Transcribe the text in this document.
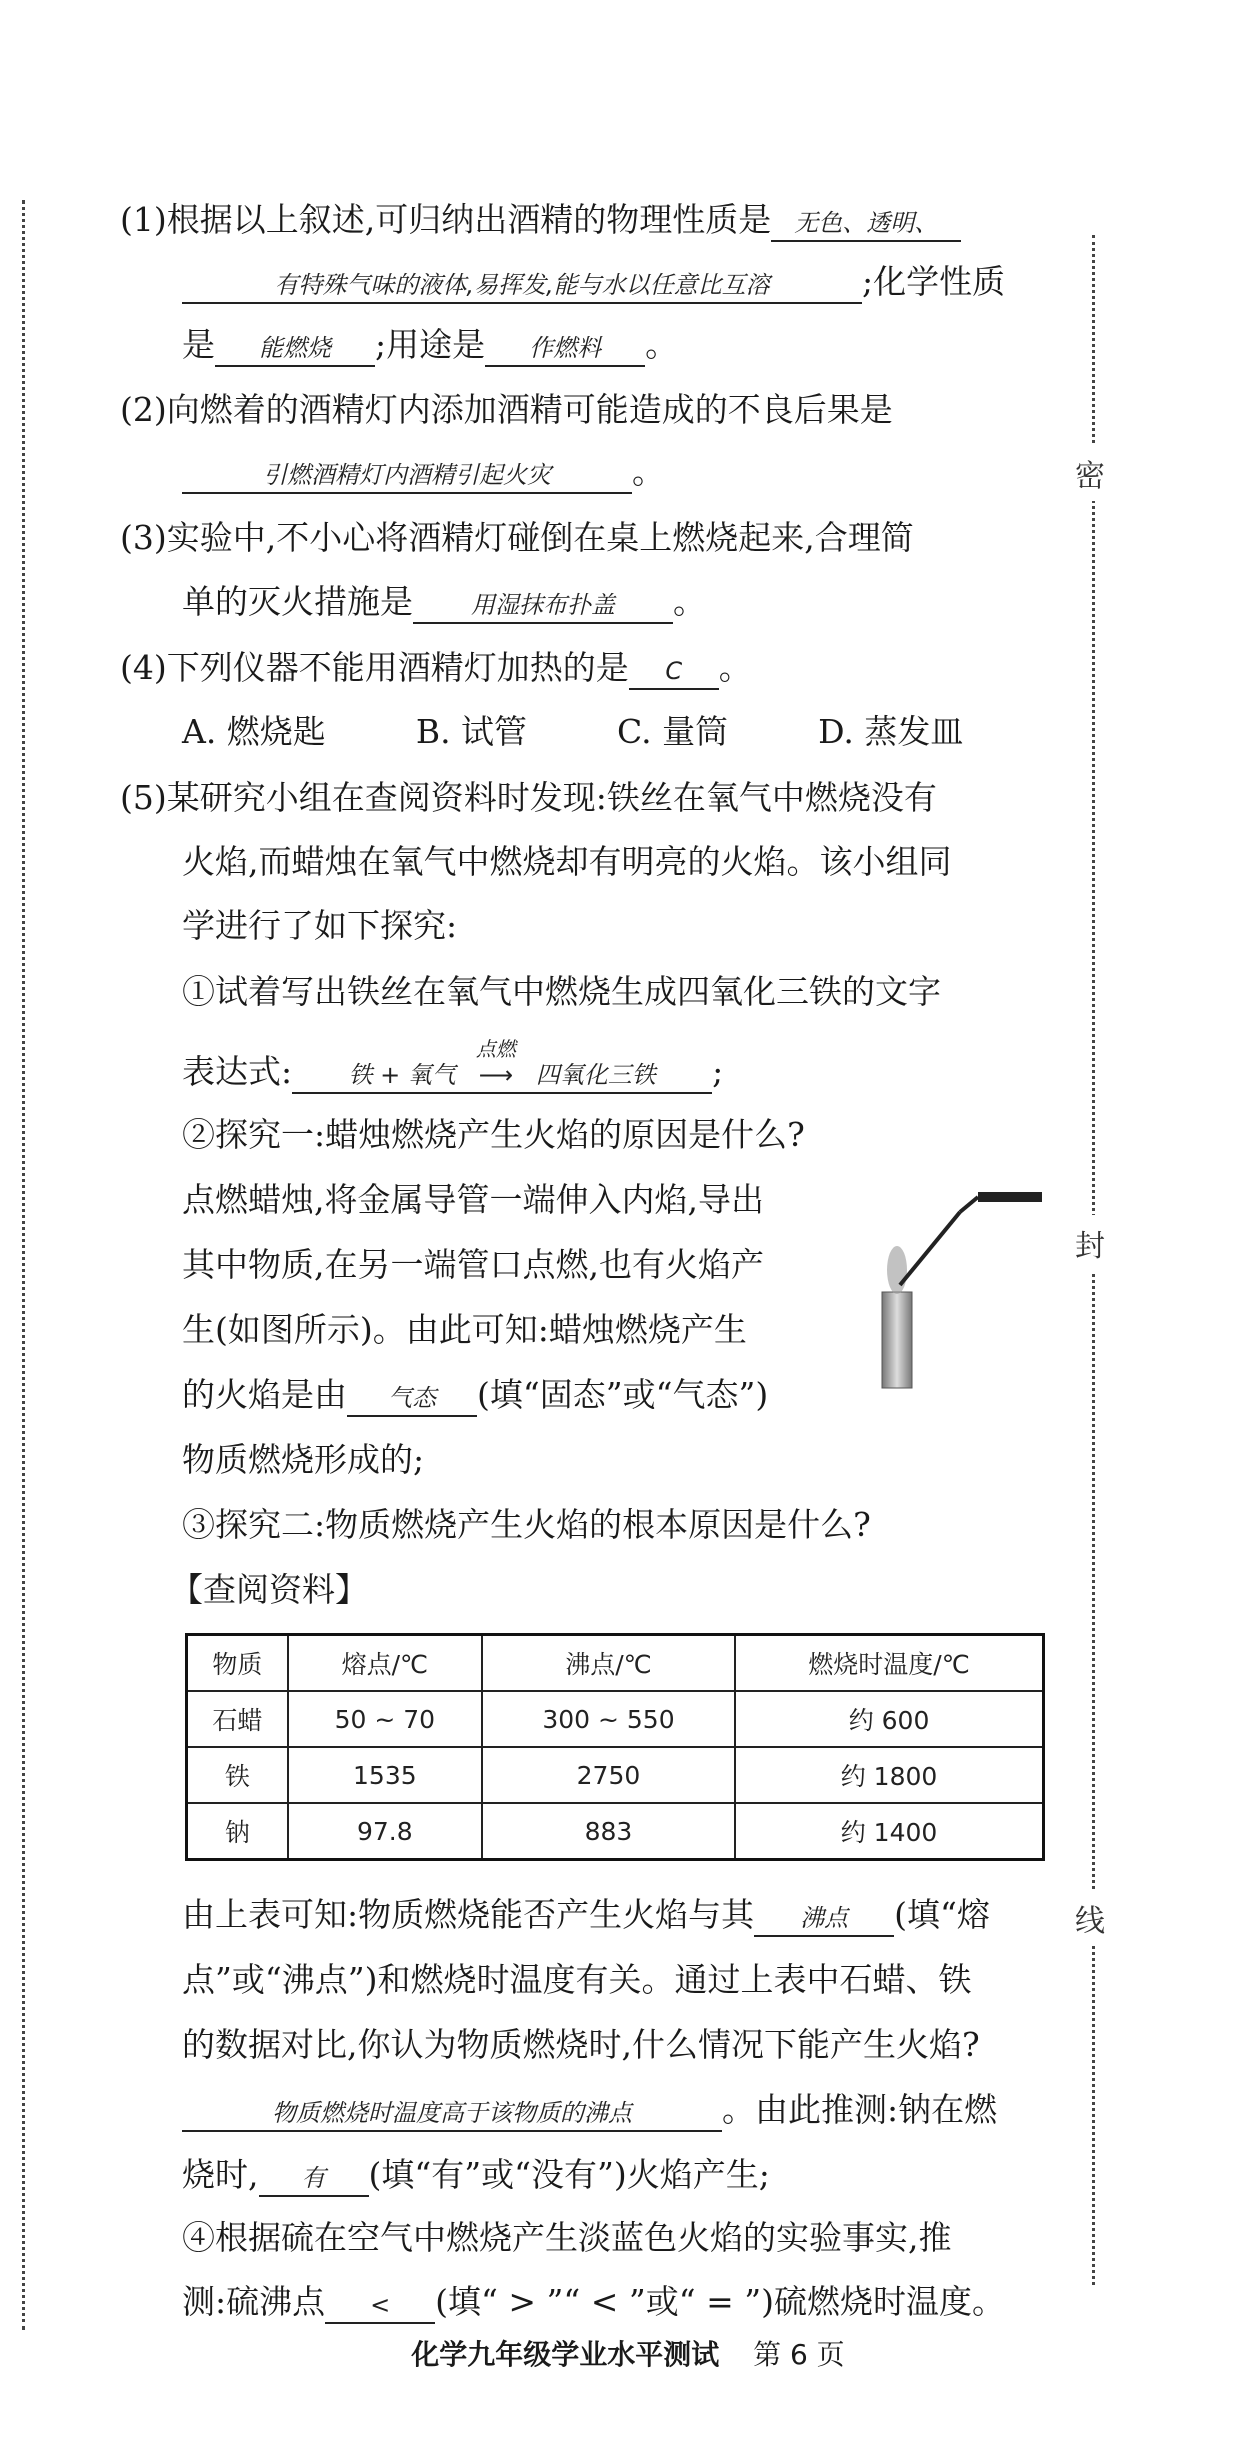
密
封
线
(1)根据以上叙述,可归纳出酒精的物理性质是 无色、透明、
有特殊气味的液体,易挥发,能与水以任意比互溶	;化学性质
是 能燃烧 ;用途是 作燃料 。
(2)向燃着的酒精灯内添加酒精可能造成的不良后果是
引燃酒精灯内酒精引起火灾 。
(3)实验中,不小心将酒精灯碰倒在桌上燃烧起来,合理简
单的灭火措施是 用湿抹布扑盖 。
(4)下列仪器不能用酒精灯加热的是 C 。
A. 燃烧匙	B. 试管	C. 量筒	D. 蒸发皿
(5)某研究小组在查阅资料时发现:铁丝在氧气中燃烧没有
火焰,而蜡烛在氧气中燃烧却有明亮的火焰。该小组同
学进行了如下探究:
①试着写出铁丝在氧气中燃烧生成四氧化三铁的文字
表达式: 铁 + 氧气
点燃
⟶ 四氧化三铁 ;
②探究一:蜡烛燃烧产生火焰的原因是什么?
点燃蜡烛,将金属导管一端伸入内焰,导出
其中物质,在另一端管口点燃,也有火焰产
生(如图所示)。由此可知:蜡烛燃烧产生
的火焰是由 气态 (填“固态”或“气态”)
物质燃烧形成的;
③探究二:物质燃烧产生火焰的根本原因是什么?
【查阅资料】
物质	熔点/℃	沸点/℃	燃烧时温度/℃
石蜡	50 ~ 70	300 ~ 550	约 600
铁	1535	2750	约 1800
钠	97.8	883	约 1400
由上表可知:物质燃烧能否产生火焰与其 沸点 (填“熔
点”或“沸点”)和燃烧时温度有关。通过上表中石蜡、铁
的数据对比,你认为物质燃烧时,什么情况下能产生火焰?
物质燃烧时温度高于该物质的沸点	。由此推测:钠在燃
烧时, 有 (填“有”或“没有”)火焰产生;
④根据硫在空气中燃烧产生淡蓝色火焰的实验事实,推
测:硫沸点 < (填“ > ”“ < ”或“ = ”)硫燃烧时温度。
化学九年级学业水平测试 第 6 页
